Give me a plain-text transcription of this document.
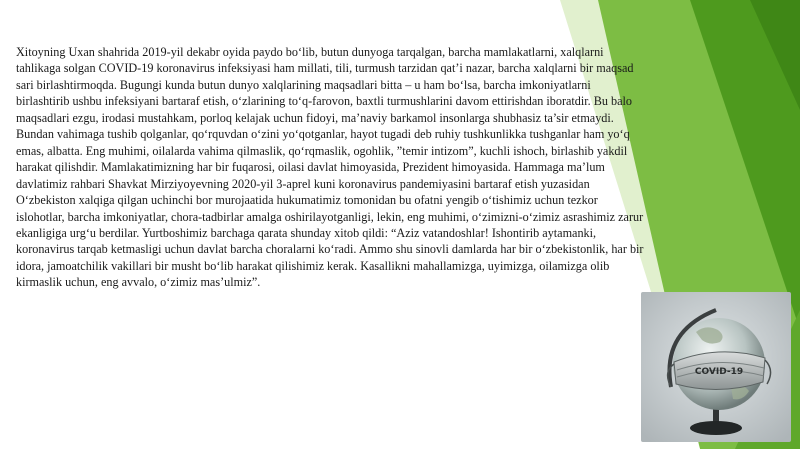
Xitoyning Uxan shahrida 2019-yil dekabr oyida paydo bo‘lib, butun dunyoga tarqalgan, barcha mamlakatlarni, xalqlarni tahlikaga solgan COVID-19 koronavirus infeksiyasi ham millati, tili, turmush tarzidan qat’i nazar, barcha xalqlarni bir maqsad sari birlashtirmoqda. Bugungi kunda butun dunyo xalqlarining maqsadlari bitta – u ham bo‘lsa, barcha imkoniyatlarni birlashtirib ushbu infeksiyani bartaraf etish, o‘zlarining to‘q-farovon, baxtli turmushlarini davom ettirishdan iboratdir. Bu balo maqsadlari ezgu, irodasi mustahkam, porloq kelajak uchun fidoyi, ma’naviy barkamol insonlarga shubhasiz ta’sir etmaydi. Bundan vahimaga tushib qolganlar, qo‘rquvdan o‘zini yo‘qotganlar, hayot tugadi deb ruhiy tushkunlikka tushganlar ham yo‘q emas, albatta. Eng muhimi, oilalarda vahima qilmaslik, qo‘rqmaslik, ogohlik, ”temir intizom”, kuchli ishoch, birlashib yakdil harakat qilishdir. Mamlakatimizning har bir fuqarosi, oilasi davlat himoyasida, Prezident himoyasida. Hammaga ma’lum davlatimiz rahbari Shavkat Mirziyoyevning 2020-yil 3-aprel kuni koronavirus pandemiyasini bartaraf etish yuzasidan O‘zbekiston xalqiga qilgan uchinchi bor murojaatida hukumatimiz tomonidan bu ofatni yengib o‘tishimiz uchun tezkor islohotlar, barcha imkoniyatlar, chora-tadbirlar amalga oshirilayotganligi, lekin, eng muhimi, o‘zimizni-o‘zimiz asrashimiz zarur ekanligiga urg‘u berdilar. Yurtboshimiz barchaga qarata shunday xitob qildi: “Aziz vatandoshlar! Ishontirib aytamanki, koronavirus tarqab ketmasligi uchun davlat barcha choralarni ko‘radi. Ammo shu sinovli damlarda har bir o‘zbekistonlik, har bir idora, jamoatchilik vakillari bir musht bo‘lib harakat qilishimiz kerak. Kasallikni mahallamizga, uyimizga, oilamizga olib kirmaslik uchun, eng avvalo, o‘zimiz mas’ulmiz”.

COVID-19
